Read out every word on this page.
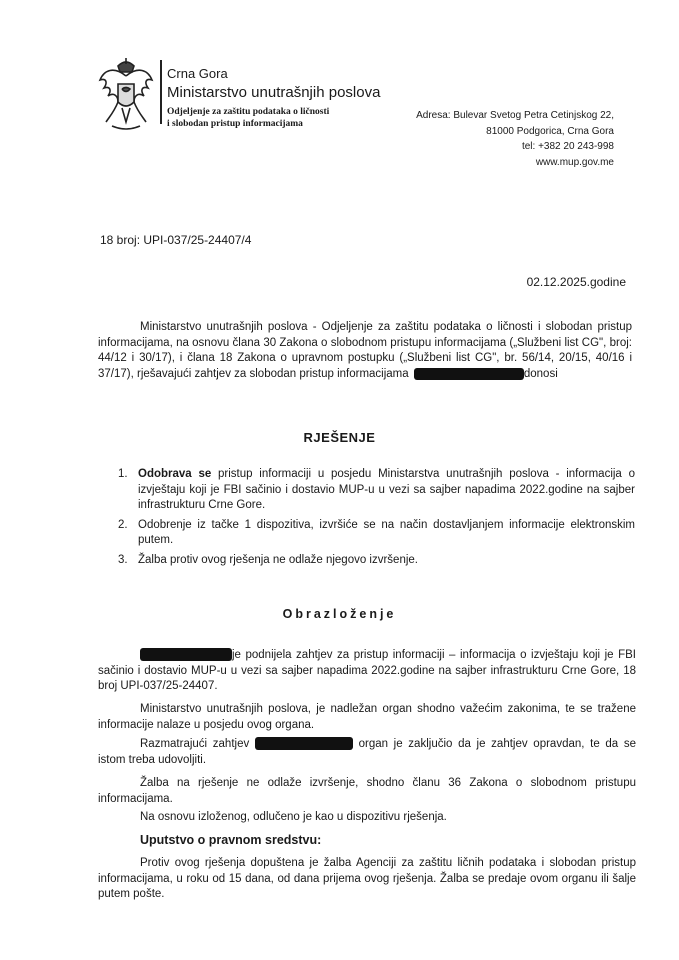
Crna Gora
Ministarstvo unutrašnjih poslova
Odjeljenje za zaštitu podataka o ličnosti
i slobodan pristup informacijama
Adresa: Bulevar Svetog Petra Cetinjskog 22,
81000 Podgorica, Crna Gora
tel: +382 20 243-998
www.mup.gov.me
18 broj: UPI-037/25-24407/4
02.12.2025.godine
Ministarstvo unutrašnjih poslova - Odjeljenje za zaštitu podataka o ličnosti i slobodan pristup informacijama, na osnovu člana 30 Zakona o slobodnom pristupu informacijama („Službeni list CG", broj: 44/12 i 30/17), i člana 18 Zakona o upravnom postupku („Službeni list CG", br. 56/14, 20/15, 40/16 i 37/17), rješavajući zahtjev za slobodan pristup informacijama	donosi
RJEŠENJE
1. Odobrava se pristup informaciji u posjedu Ministarstva unutrašnjih poslova - informacija o izvještaju koji je FBI sačinio i dostavio MUP-u u vezi sa sajber napadima 2022.godine na sajber infrastrukturu Crne Gore.
2. Odobrenje iz tačke 1 dispozitiva, izvršiće se na način dostavljanjem informacije elektronskim putem.
3. Žalba protiv ovog rješenja ne odlaže njegovo izvršenje.
Obrazloženje
je podnijela zahtjev za pristup informaciji – informacija o izvještaju koji je FBI sačinio i dostavio MUP-u u vezi sa sajber napadima 2022.godine na sajber infrastrukturu Crne Gore, 18 broj UPI-037/25-24407.
Ministarstvo unutrašnjih poslova, je nadležan organ shodno važećim zakonima, te se tražene informacije nalaze u posjedu ovog organa.
Razmatrajući zahtjev	organ je zaključio da je zahtjev opravdan, te da se istom treba udovoljiti.
Žalba na rješenje ne odlaže izvršenje, shodno članu 36 Zakona o slobodnom pristupu informacijama.
Na osnovu izloženog, odlučeno je kao u dispozitivu rješenja.
Uputstvo o pravnom sredstvu:
Protiv ovog rješenja dopuštena je žalba Agenciji za zaštitu ličnih podataka i slobodan pristup informacijama, u roku od 15 dana, od dana prijema ovog rješenja. Žalba se predaje ovom organu ili šalje putem pošte.
